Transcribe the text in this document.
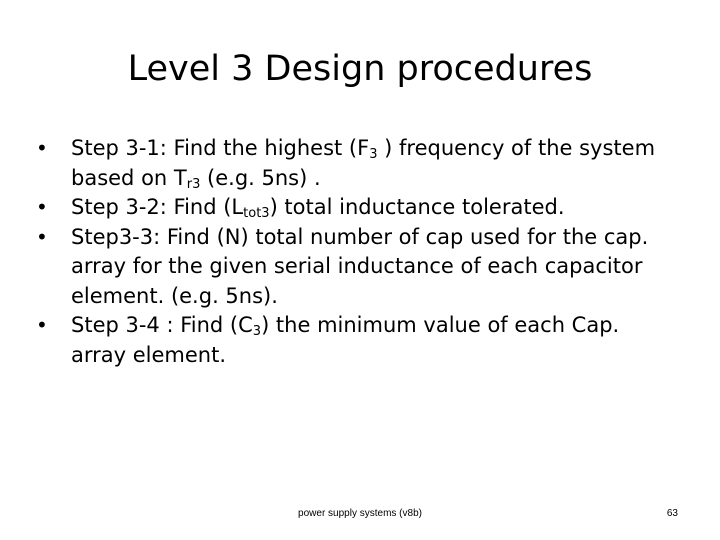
Level 3 Design procedures
•	Step 3-1: Find the highest ($F_3$ ) frequency of the system based on $T_{r3}$ (e.g. 5ns) .
•	Step 3-2: Find $(L_{tot3})$ total inductance tolerated.
•	Step3-3: Find (N) total number of cap used for the cap. array for the given serial inductance of each capacitor element. (e.g. 5ns).
•	Step 3-4 : Find $(C_3)$ the minimum value of each Cap. array element.
power supply systems (v8b)	63
